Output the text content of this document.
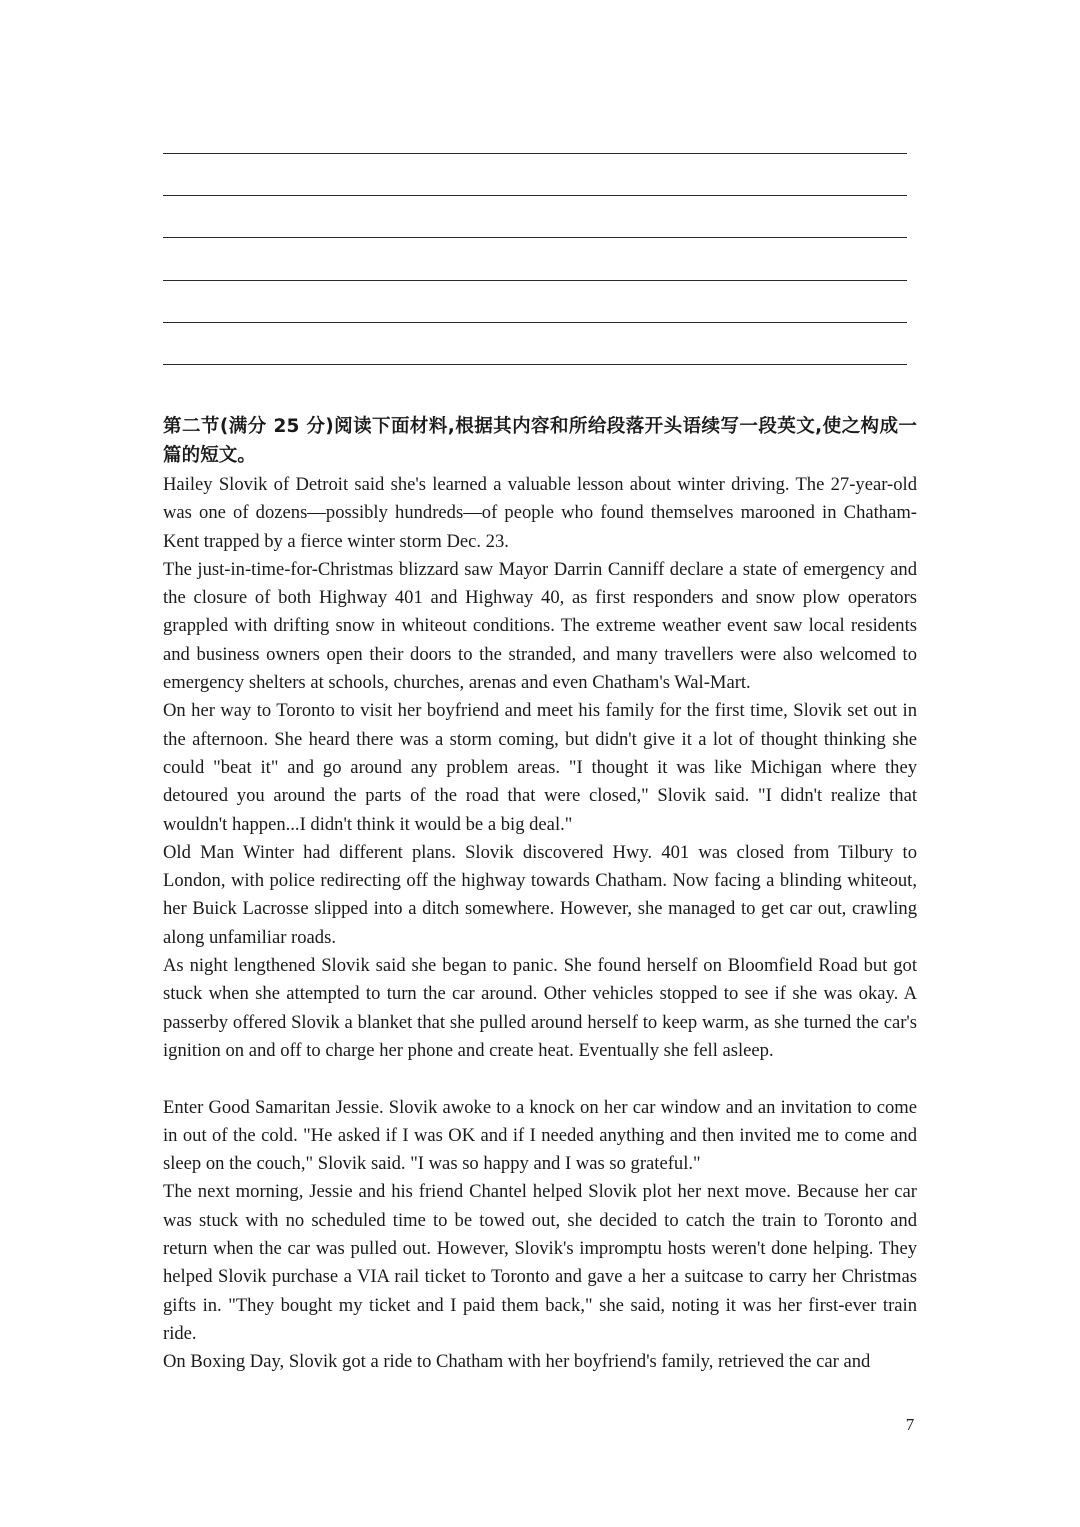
第二节(满分 25 分)阅读下面材料,根据其内容和所给段落开头语续写一段英文,使之构成一篇的短文。

Hailey Slovik of Detroit said she's learned a valuable lesson about winter driving. The 27-year-old was one of dozens—possibly hundreds—of people who found themselves marooned in Chatham-Kent trapped by a fierce winter storm Dec. 23.

The just-in-time-for-Christmas blizzard saw Mayor Darrin Canniff declare a state of emergency and the closure of both Highway 401 and Highway 40, as first responders and snow plow operators grappled with drifting snow in whiteout conditions. The extreme weather event saw local residents and business owners open their doors to the stranded, and many travellers were also welcomed to emergency shelters at schools, churches, arenas and even Chatham's Wal-Mart.

On her way to Toronto to visit her boyfriend and meet his family for the first time, Slovik set out in the afternoon. She heard there was a storm coming, but didn't give it a lot of thought thinking she could "beat it" and go around any problem areas. "I thought it was like Michigan where they detoured you around the parts of the road that were closed," Slovik said. "I didn't realize that wouldn't happen...I didn't think it would be a big deal."

Old Man Winter had different plans. Slovik discovered Hwy. 401 was closed from Tilbury to London, with police redirecting off the highway towards Chatham. Now facing a blinding whiteout, her Buick Lacrosse slipped into a ditch somewhere. However, she managed to get car out, crawling along unfamiliar roads.

As night lengthened Slovik said she began to panic. She found herself on Bloomfield Road but got stuck when she attempted to turn the car around. Other vehicles stopped to see if she was okay. A passerby offered Slovik a blanket that she pulled around herself to keep warm, as she turned the car's ignition on and off to charge her phone and create heat. Eventually she fell asleep.

Enter Good Samaritan Jessie. Slovik awoke to a knock on her car window and an invitation to come in out of the cold. "He asked if I was OK and if I needed anything and then invited me to come and sleep on the couch," Slovik said. "I was so happy and I was so grateful."

The next morning, Jessie and his friend Chantel helped Slovik plot her next move. Because her car was stuck with no scheduled time to be towed out, she decided to catch the train to Toronto and return when the car was pulled out. However, Slovik's impromptu hosts weren't done helping. They helped Slovik purchase a VIA rail ticket to Toronto and gave a her a suitcase to carry her Christmas gifts in. "They bought my ticket and I paid them back," she said, noting it was her first-ever train ride.

On Boxing Day, Slovik got a ride to Chatham with her boyfriend's family, retrieved the car and

7
